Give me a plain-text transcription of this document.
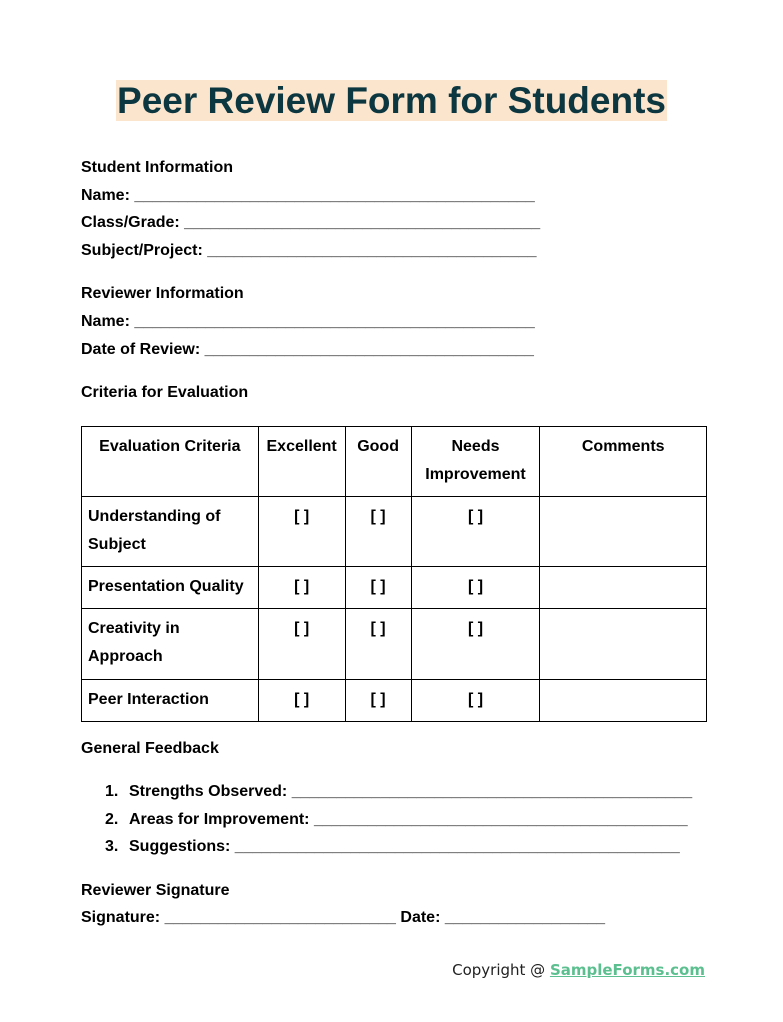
Peer Review Form for Students
Student Information
Name: _____________________________________________
Class/Grade: ________________________________________
Subject/Project: _____________________________________
Reviewer Information
Name: _____________________________________________
Date of Review: _____________________________________
Criteria for Evaluation
Evaluation Criteria	Excellent	Good	Needs Improvement	Comments
Understanding of Subject	[ ]	[ ]	[ ]	
Presentation Quality	[ ]	[ ]	[ ]	
Creativity in Approach	[ ]	[ ]	[ ]	
Peer Interaction	[ ]	[ ]	[ ]	
General Feedback
1. Strengths Observed: _____________________________________________
2. Areas for Improvement: __________________________________________
3. Suggestions: __________________________________________________
Reviewer Signature
Signature: __________________________ Date: __________________
Copyright @ SampleForms.com
